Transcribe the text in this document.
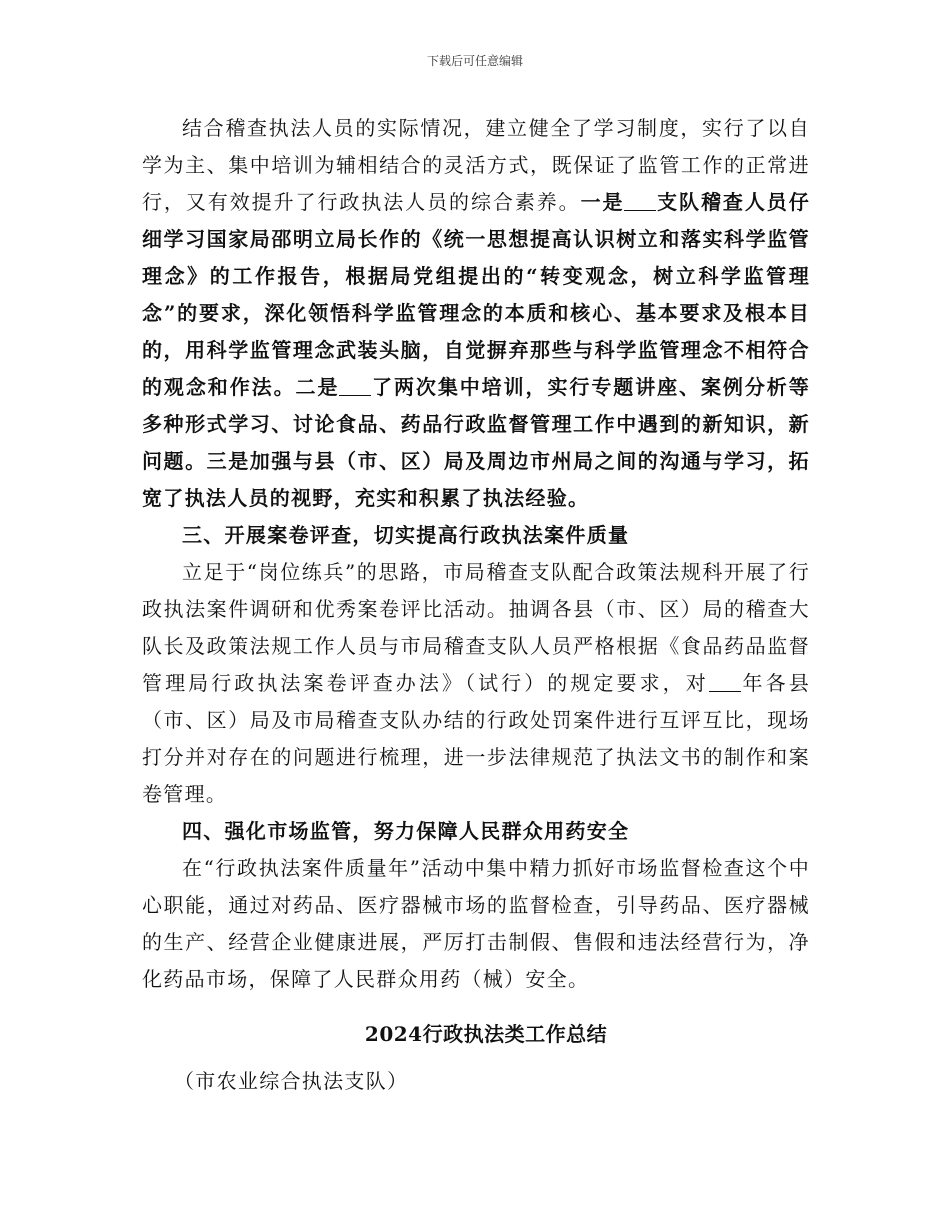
下载后可任意编辑

结合稽查执法人员的实际情况，建立健全了学习制度，实行了以自学为主、集中培训为辅相结合的灵活方式，既保证了监管工作的正常进行，又有效提升了行政执法人员的综合素养。一是 支队稽查人员仔细学习国家局邵明立局长作的《统一思想提高认识树立和落实科学监管理念》的工作报告，根据局党组提出的“转变观念，树立科学监管理念”的要求，深化领悟科学监管理念的本质和核心、基本要求及根本目的，用科学监管理念武装头脑，自觉摒弃那些与科学监管理念不相符合的观念和作法。二是 了两次集中培训，实行专题讲座、案例分析等多种形式学习、讨论食品、药品行政监督管理工作中遇到的新知识，新问题。三是加强与县（市、区）局及周边市州局之间的沟通与学习，拓宽了执法人员的视野，充实和积累了执法经验。

三、开展案卷评查，切实提高行政执法案件质量

立足于“岗位练兵”的思路，市局稽查支队配合政策法规科开展了行政执法案件调研和优秀案卷评比活动。抽调各县（市、区）局的稽查大队长及政策法规工作人员与市局稽查支队人员严格根据《食品药品监督管理局行政执法案卷评查办法》（试行）的规定要求，对 年各县（市、区）局及市局稽查支队办结的行政处罚案件进行互评互比，现场打分并对存在的问题进行梳理，进一步法律规范了执法文书的制作和案卷管理。

四、强化市场监管，努力保障人民群众用药安全

在“行政执法案件质量年”活动中集中精力抓好市场监督检查这个中心职能，通过对药品、医疗器械市场的监督检查，引导药品、医疗器械的生产、经营企业健康进展，严厉打击制假、售假和违法经营行为，净化药品市场，保障了人民群众用药（械）安全。

2024行政执法类工作总结

（市农业综合执法支队）
